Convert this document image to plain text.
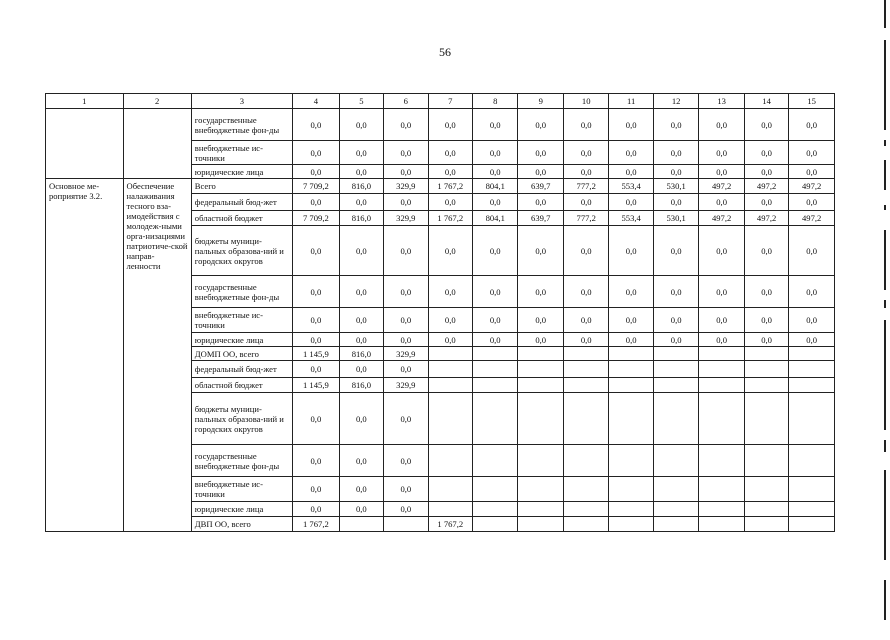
56
1	2	3	4	5	6	7	8	9	10	11	12	13	14	15
		государственные внебюджетные фон-ды	0,0	0,0	0,0	0,0	0,0	0,0	0,0	0,0	0,0	0,0	0,0	0,0
		внебюджетные ис-точники	0,0	0,0	0,0	0,0	0,0	0,0	0,0	0,0	0,0	0,0	0,0	0,0
		юридические лица	0,0	0,0	0,0	0,0	0,0	0,0	0,0	0,0	0,0	0,0	0,0	0,0
Основное ме-роприятие 3.2.	Обеспечение налаживания тесного вза-имодействия с молодеж-ными орга-низациями патриотиче-ской направ-ленности	Всего	7 709,2	816,0	329,9	1 767,2	804,1	639,7	777,2	553,4	530,1	497,2	497,2	497,2
		федеральный бюд-жет	0,0	0,0	0,0	0,0	0,0	0,0	0,0	0,0	0,0	0,0	0,0	0,0
		областной бюджет	7 709,2	816,0	329,9	1 767,2	804,1	639,7	777,2	553,4	530,1	497,2	497,2	497,2
		бюджеты муници-пальных образова-ний и городских округов	0,0	0,0	0,0	0,0	0,0	0,0	0,0	0,0	0,0	0,0	0,0	0,0
		государственные внебюджетные фон-ды	0,0	0,0	0,0	0,0	0,0	0,0	0,0	0,0	0,0	0,0	0,0	0,0
		внебюджетные ис-точники	0,0	0,0	0,0	0,0	0,0	0,0	0,0	0,0	0,0	0,0	0,0	0,0
		юридические лица	0,0	0,0	0,0	0,0	0,0	0,0	0,0	0,0	0,0	0,0	0,0	0,0
		ДОМП ОО, всего	1 145,9	816,0	329,9									
		федеральный бюд-жет	0,0	0,0	0,0									
		областной бюджет	1 145,9	816,0	329,9									
		бюджеты муници-пальных образова-ний и городских округов	0,0	0,0	0,0									
		государственные внебюджетные фон-ды	0,0	0,0	0,0									
		внебюджетные ис-точники	0,0	0,0	0,0									
		юридические лица	0,0	0,0	0,0									
		ДВП ОО, всего	1 767,2			1 767,2								
